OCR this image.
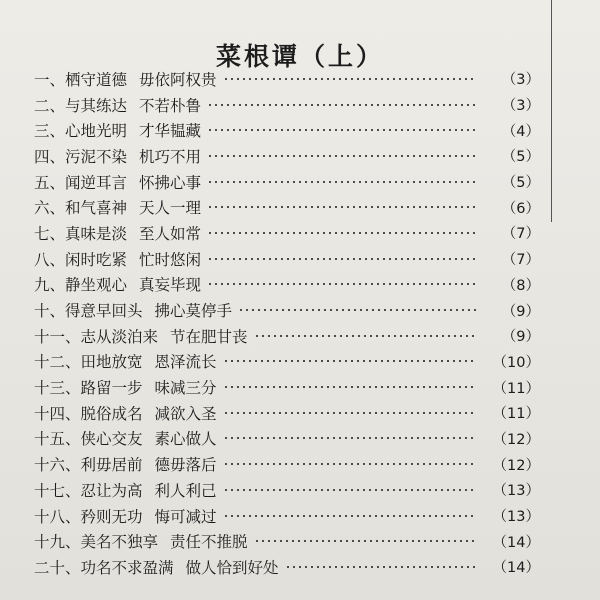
菜根谭（上）
一、 栖守道德 毋依阿权贵	（3）
二、 与其练达 不若朴鲁	（3）
三、 心地光明 才华韫藏	（4）
四、 污泥不染 机巧不用	（5）
五、 闻逆耳言 怀拂心事	（5）
六、 和气喜神 天人一理	（6）
七、 真味是淡 至人如常	（7）
八、 闲时吃紧 忙时悠闲	（7）
九、 静坐观心 真妄毕现	（8）
十、 得意早回头 拂心莫停手	（9）
十一、 志从淡泊来 节在肥甘丧	（9）
十二、 田地放宽 恩泽流长	（10）
十三、 路留一步 味减三分	（11）
十四、 脱俗成名 减欲入圣	（11）
十五、 侠心交友 素心做人	（12）
十六、 利毋居前 德毋落后	（12）
十七、 忍让为高 利人利己	（13）
十八、 矜则无功 悔可减过	（13）
十九、 美名不独享 责任不推脱	（14）
二十、 功名不求盈满 做人恰到好处	（14）
